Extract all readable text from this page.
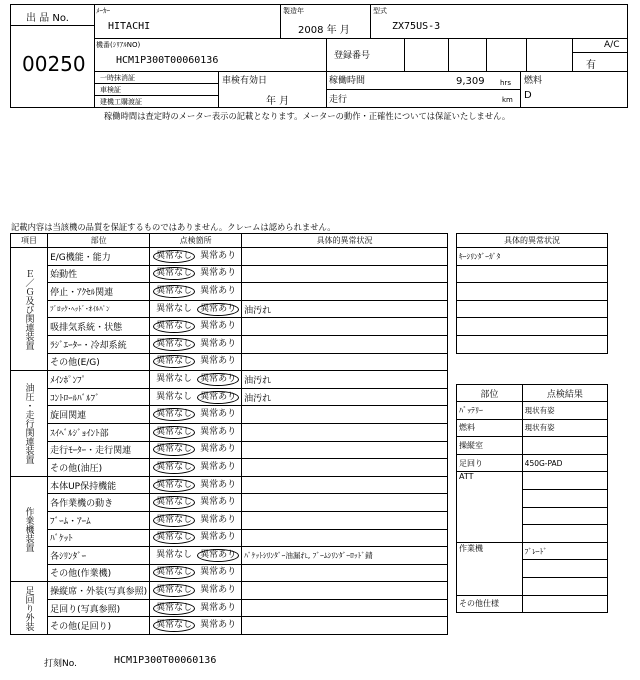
出 品 No.
00250
ﾒｰｶｰ
HITACHI
製造年
2008 年 月
型式
ZX75US-3
機番(ｼﾘｱﾙNO)
HCM1P300T00060136	登録番号
A/C
有
一時抹消証
車検証
建機工購渡証
車検有効日
年 月
稼働時間	9,309 hrs
走行	km
燃料
D
稼働時間は査定時のメーター表示の記載となります。メーターの動作・正確性については保証いたしません。
記載内容は当該機の品質を保証するものではありません。クレームは認められません。
項目	部位	点検箇所	具体的異常状況
Ｅ／Ｇ及び関連装置	E/G機能・能力	異常なし 異常あり	
	始動性	異常なし 異常あり	
	停止・ｱｸｾﾙ関連	異常なし 異常あり	
	ﾌﾞﾛｯｸ･ﾍｯﾄﾞ･ｵｲﾙﾊﾟﾝ	異常なし 異常あり	油汚れ
	吸排気系統・状態	異常なし 異常あり	
	ﾗｼﾞｴｰﾀｰ・冷却系統	異常なし 異常あり	
	その他(E/G)	異常なし 異常あり	
油圧・走行関連装置	ﾒｲﾝﾎﾟﾝﾌﾟ	異常なし 異常あり	油汚れ
	ｺﾝﾄﾛｰﾙﾊﾞﾙﾌﾞ	異常なし 異常あり	油汚れ
	旋回関連	異常なし 異常あり	
	ｽｲﾍﾞﾙｼﾞｮｲﾝﾄ部	異常なし 異常あり	
	走行ﾓｰﾀｰ・走行関連	異常なし 異常あり	
	その他(油圧)	異常なし 異常あり	
作業機装置	本体UP保持機能	異常なし 異常あり	
	各作業機の動き	異常なし 異常あり	
	ﾌﾞｰﾑ・ｱｰﾑ	異常なし 異常あり	
	ﾊﾞｹｯﾄ	異常なし 異常あり	
	各ｼﾘﾝﾀﾞｰ	異常なし 異常あり	ﾊﾞｹｯﾄｼﾘﾝﾀﾞｰ油漏れ, ﾌﾞｰﾑｼﾘﾝﾀﾞｰﾛｯﾄﾞ錆
	その他(作業機)	異常なし 異常あり	
足回り外装	操縦席・外装(写真参照)	異常なし 異常あり	
	足回り(写真参照)	異常なし 異常あり	
	その他(足回り)	異常なし 異常あり	
具体的異常状況
ｷｰｼﾘﾝﾀﾞｰｶﾞﾀ

部位	点検結果
ﾊﾞｯﾃﾘｰ	現状有姿
燃料	現状有姿
操縦室	
足回り	450G-PAD
ATT	

作業機	ﾌﾞﾚｰﾄﾞ

その他仕様	
打刻No.	HCM1P300T00060136
